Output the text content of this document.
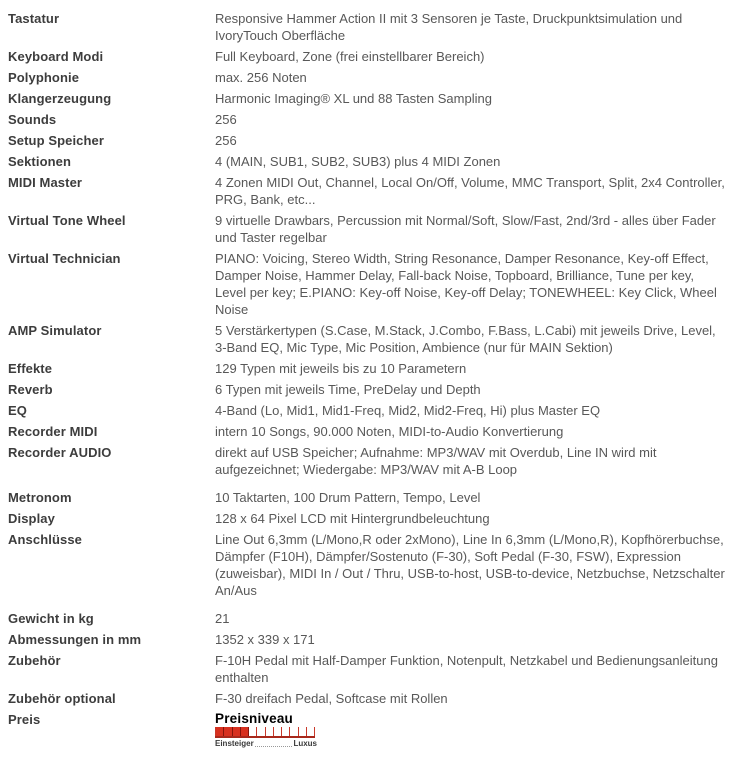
Tastatur	Responsive Hammer Action II mit 3 Sensoren je Taste, Druckpunktsimulation und IvoryTouch Oberfläche
Keyboard Modi	Full Keyboard, Zone (frei einstellbarer Bereich)
Polyphonie	max. 256 Noten
Klangerzeugung	Harmonic Imaging® XL und 88 Tasten Sampling
Sounds	256
Setup Speicher	256
Sektionen	4 (MAIN, SUB1, SUB2, SUB3) plus 4 MIDI Zonen
MIDI Master	4 Zonen MIDI Out, Channel, Local On/Off, Volume, MMC Transport, Split, 2x4 Controller, PRG, Bank, etc...
Virtual Tone Wheel	9 virtuelle Drawbars, Percussion mit Normal/Soft, Slow/Fast, 2nd/3rd - alles über Fader und Taster regelbar
Virtual Technician	PIANO: Voicing, Stereo Width, String Resonance, Damper Resonance, Key-off Effect, Damper Noise, Hammer Delay, Fall-back Noise, Topboard, Brilliance, Tune per key, Level per key; E.PIANO: Key-off Noise, Key-off Delay; TONEWHEEL: Key Click, Wheel Noise
AMP Simulator	5 Verstärkertypen (S.Case, M.Stack, J.Combo, F.Bass, L.Cabi) mit jeweils Drive, Level, 3-Band EQ, Mic Type, Mic Position, Ambience (nur für MAIN Sektion)
Effekte	129 Typen mit jeweils bis zu 10 Parametern
Reverb	6 Typen mit jeweils Time, PreDelay und Depth
EQ	4-Band (Lo, Mid1, Mid1-Freq, Mid2, Mid2-Freq, Hi) plus Master EQ
Recorder MIDI	intern 10 Songs, 90.000 Noten, MIDI-to-Audio Konvertierung
Recorder AUDIO	direkt auf USB Speicher; Aufnahme: MP3/WAV mit Overdub, Line IN wird mit aufgezeichnet; Wiedergabe: MP3/WAV mit A-B Loop
Metronom	10 Taktarten, 100 Drum Pattern, Tempo, Level
Display	128 x 64 Pixel LCD mit Hintergrundbeleuchtung
Anschlüsse	Line Out 6,3mm (L/Mono,R oder 2xMono), Line In 6,3mm (L/Mono,R), Kopfhörerbuchse, Dämpfer (F10H), Dämpfer/Sostenuto (F-30), Soft Pedal (F-30, FSW), Expression (zuweisbar), MIDI In / Out / Thru, USB-to-host, USB-to-device, Netzbuchse, Netzschalter An/Aus
Gewicht in kg	21
Abmessungen in mm	1352 x 339 x 171
Zubehör	F-10H Pedal mit Half-Damper Funktion, Notenpult, Netzkabel und Bedienungsanleitung enthalten
Zubehör optional	F-30 dreifach Pedal, Softcase mit Rollen
Preis	Preisniveau
Einsteiger	Luxus
